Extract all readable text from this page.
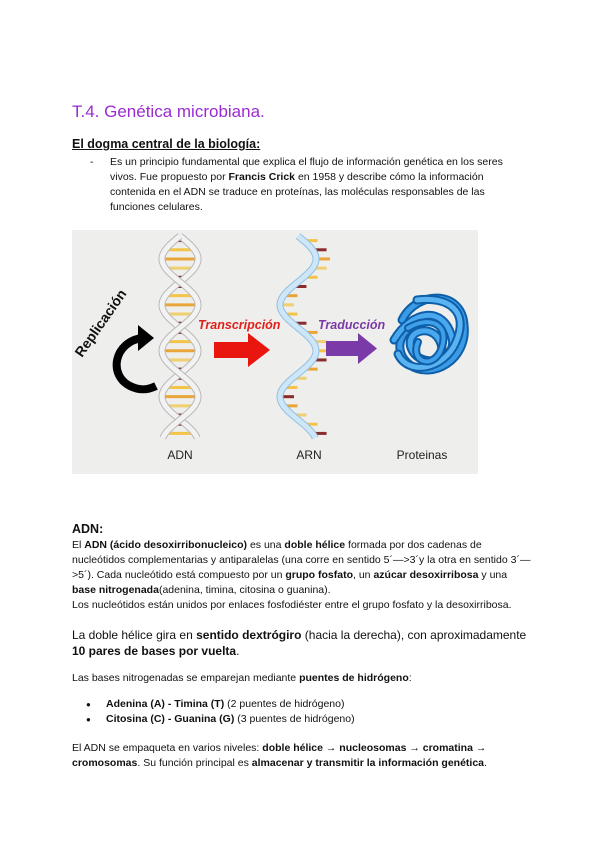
T.4. Genética microbiana.
El dogma central de la biología:
- Es un principio fundamental que explica el flujo de información genética en los seres vivos. Fue propuesto por Francis Crick en 1958 y describe cómo la información contenida en el ADN se traduce en proteínas, las moléculas responsables de las funciones celulares.
Replicación	Transcripción	Traducción
ADN	ARN	Proteinas
ADN:
El ADN (ácido desoxirribonucleico) es una doble hélice formada por dos cadenas de nucleótidos complementarias y antiparalelas (una corre en sentido 5´—>3´y la otra en sentido 3´—>5´). Cada nucleótido está compuesto por un grupo fosfato, un azúcar desoxirribosa y una base nitrogenada(adenina, timina, citosina o guanina).
Los nucleótidos están unidos por enlaces fosfodiéster entre el grupo fosfato y la desoxirribosa.
La doble hélice gira en sentido dextrógiro (hacia la derecha), con aproximadamente 10 pares de bases por vuelta.
Las bases nitrogenadas se emparejan mediante puentes de hidrógeno:
● Adenina (A) - Timina (T) (2 puentes de hidrógeno)
● Citosina (C) - Guanina (G) (3 puentes de hidrógeno)
El ADN se empaqueta en varios niveles: doble hélice → nucleosomas → cromatina → cromosomas. Su función principal es almacenar y transmitir la información genética.
